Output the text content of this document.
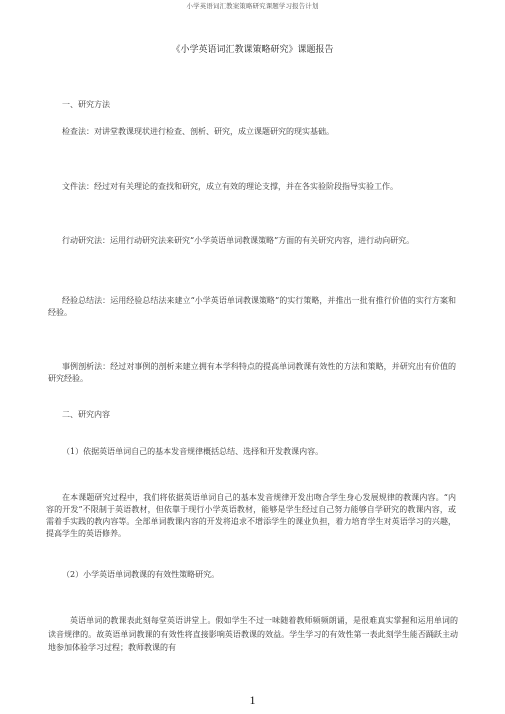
小学英语词汇教案策略研究课题学习报告计划
《小学英语词汇教课策略研究》课题报告
一、研究方法

检查法：对讲堂教课现状进行检查、剖析、研究，成立课题研究的现实基础。

文件法：经过对有关理论的查找和研究，成立有效的理论支撑，并在各实验阶段指导实验工作。

行动研究法：运用行动研究法来研究“小学英语单词教课策略”方面的有关研究内容，进行动向研究。

经验总结法：运用经验总结法来建立“小学英语单词教课策略”的实行策略，并推出一批有推行价值的实行方案和经验。

事例剖析法：经过对事例的剖析来建立拥有本学科特点的提高单词教课有效性的方法和策略，并研究出有价值的研究经验。

二、研究内容
（1）依据英语单词自己的基本发音规律概括总结、选择和开发教课内容。

在本课题研究过程中，我们将依据英语单词自己的基本发音规律开发出吻合学生身心发展规律的教课内容。“内容的开发”不限制于英语教材，但依靠于现行小学英语教材，能够是学生经过自己努力能够自学研究的教课内容，或需着手实践的教内容等。全部单词教课内容的开发将追求不增添学生的课业负担，着力培育学生对英语学习的兴趣，提高学生的英语修养。

（2）小学英语单词教课的有效性策略研究。

英语单词的教课表此刻每堂英语讲堂上。假如学生不过一味随着教师频频朗诵，是很难真实掌握和运用单词的读音规律的。故英语单词教课的有效性将直接影响英语教课的效益。学生学习的有效性第一表此刻学生能否踊跃主动地参加体验学习过程；教师教课的有

1
